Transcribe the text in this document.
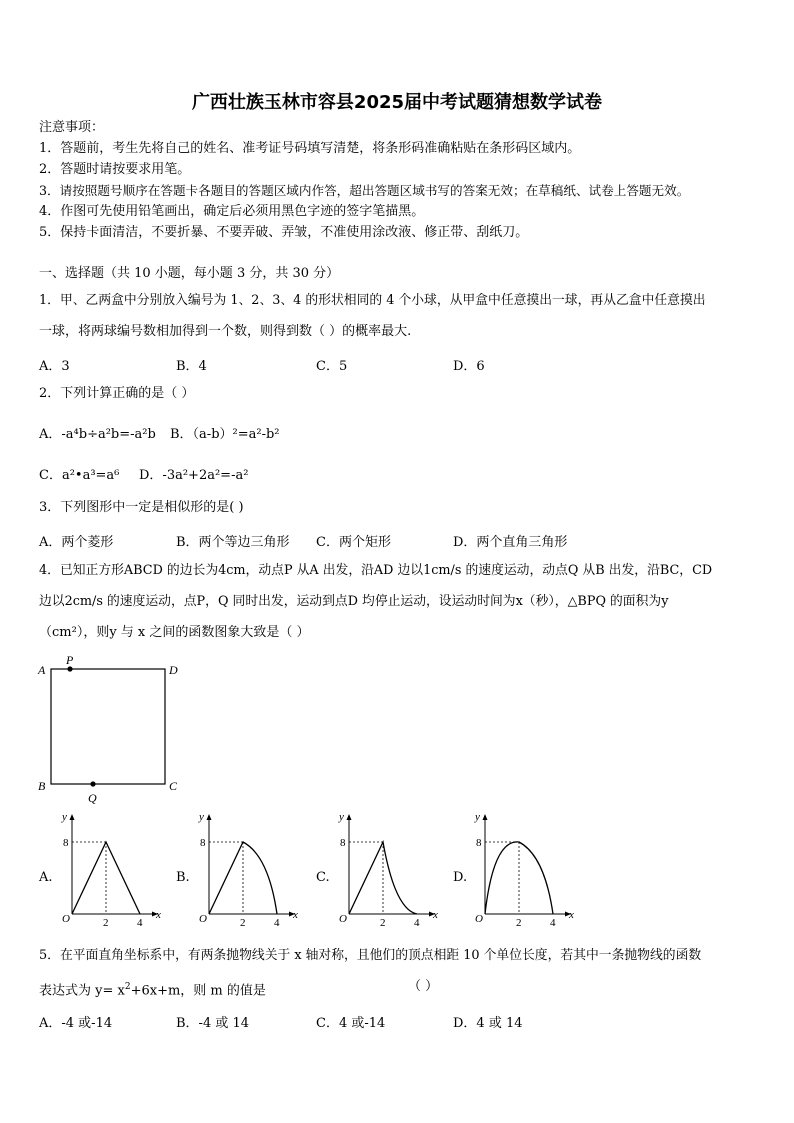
广西壮族玉林市容县2025届中考试题猜想数学试卷
注意事项：
1．答题前，考生先将自己的姓名、准考证号码填写清楚，将条形码准确粘贴在条形码区域内。
2．答题时请按要求用笔。
3．请按照题号顺序在答题卡各题目的答题区域内作答，超出答题区域书写的答案无效；在草稿纸、试卷上答题无效。
4．作图可先使用铅笔画出，确定后必须用黑色字迹的签字笔描黑。
5．保持卡面清洁，不要折暴、不要弄破、弄皱，不准使用涂改液、修正带、刮纸刀。
一、选择题（共 10 小题，每小题 3 分，共 30 分）
1．甲、乙两盒中分别放入编号为 1、2、3、4 的形状相同的 4 个小球，从甲盒中任意摸出一球，再从乙盒中任意摸出
一球，将两球编号数相加得到一个数，则得到数（ ）的概率最大.
A．3	B．4	C．5	D．6
2．下列计算正确的是（ ）
A．-a⁴b÷a²b=-a²b B．（a-b）²=a²-b²
C．a²•a³=a⁶ D．-3a²+2a²=-a²
3．下列图形中一定是相似形的是( )
A．两个菱形	B．两个等边三角形 C．两个矩形	D．两个直角三角形
4．已知正方形ABCD 的边长为4cm，动点P 从A 出发，沿AD 边以1cm/s 的速度运动，动点Q 从B 出发，沿BC，CD
边以2cm/s 的速度运动，点P，Q 同时出发，运动到点D 均停止运动，设运动时间为x（秒），△BPQ 的面积为y
（cm²），则y 与 x 之间的函数图象大致是（ ）
A
P
D
B	C
Q
A.	B.	C.	D.
y
x
O
8
2	4
y
x
O
8
2	4
y
x
O
8
2	4
y
x
O
8
2	4
5．在平面直角坐标系中，有两条抛物线关于 x 轴对称，且他们的顶点相距 10 个单位长度，若其中一条抛物线的函数
表达式为 $y= x^2+6x+m$，则 m 的值是	（ ）
A．-4 或-14	B．-4 或 14	C．4 或-14	D．4 或 14
